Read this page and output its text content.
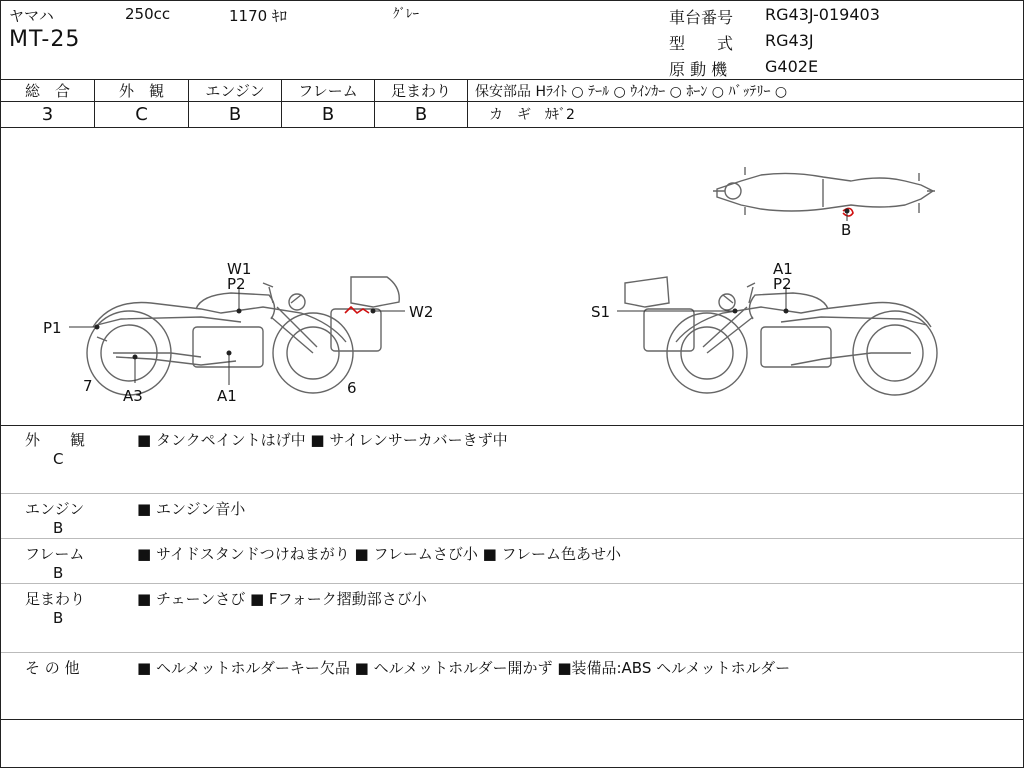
ヤマハ	250cc	1170 ｷﾛ	ｸﾞﾚｰ
MT-25
車台番号 RG43J-019403
型　　式 RG43J
原 動 機 G402E
総　合
3
外　観
C
エンジン
B
フレーム
B
足まわり
B
保安部品 Hﾗｲﾄ ○ ﾃｰﾙ ○ ｳｲﾝｶｰ ○ ﾎｰﾝ ○ ﾊﾞｯﾃﾘｰ ○
カ　ギ　ｶｷﾞ2
W1
P2
W2
P1
7
A3	A1	6
A1
P2
S1
B
外　　観
C
■ タンクペイントはげ中 ■ サイレンサーカバーきず中
エンジン
B
■ エンジン音小
フレーム
B
■ サイドスタンドつけねまがり ■ フレームさび小 ■ フレーム色あせ小
足まわり
B
■ チェーンさび ■ Fフォーク摺動部さび小
そ の 他	■ ヘルメットホルダーキー欠品 ■ ヘルメットホルダー開かず ■装備品:ABS ヘルメットホルダー
